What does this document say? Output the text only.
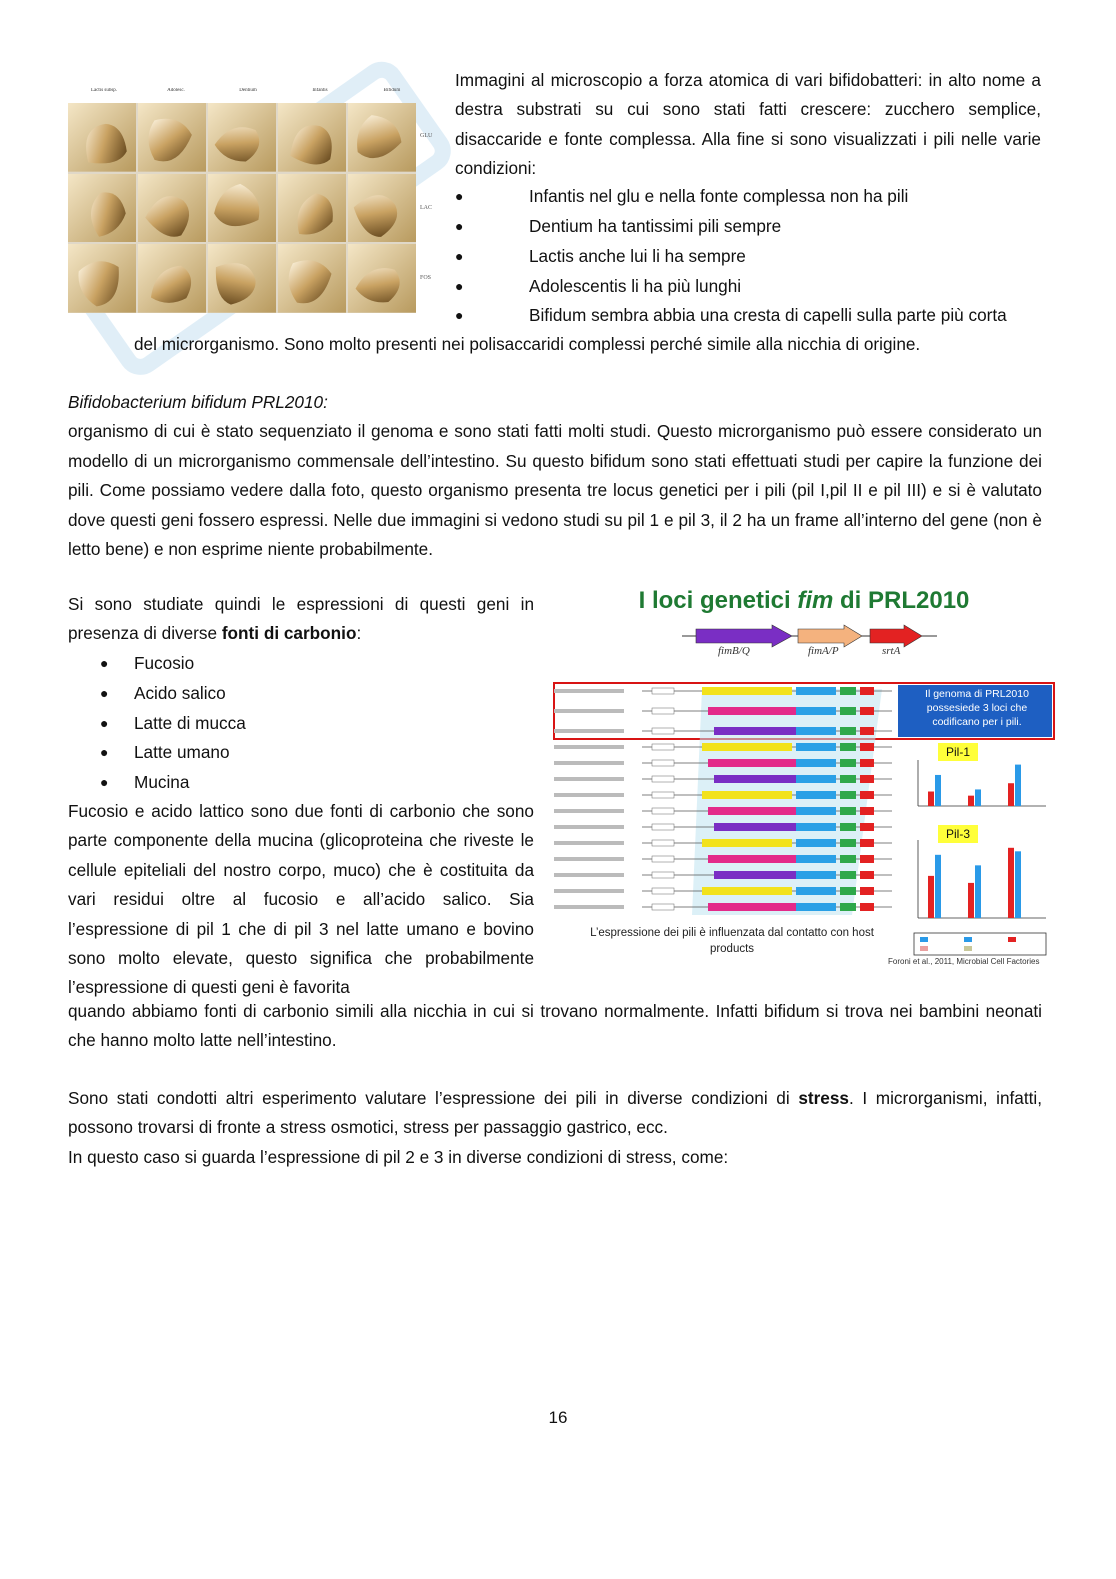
Lactis subsp.	Adolesc.	Dentium	Infantis	Bifidum
GLU
LAC
FOS
Immagini al microscopio a forza atomica di vari bifidobatteri: in alto nome a destra substrati su cui sono stati fatti crescere: zucchero semplice, disaccaride e fonte complessa. Alla fine si sono visualizzati i pili nelle varie condizioni:
●	Infantis nel glu e nella fonte complessa non ha pili
●	Dentium ha tantissimi pili sempre
●	Lactis anche lui li ha sempre
●	Adolescentis li ha più lunghi
●	Bifidum sembra abbia una cresta di capelli sulla parte più corta
del microrganismo. Sono molto presenti nei polisaccaridi complessi perché simile alla nicchia di origine.
Bifidobacterium bifidum PRL2010:
organismo di cui è stato sequenziato il genoma e sono stati fatti molti studi. Questo microrganismo può essere considerato un modello di un microrganismo commensale dell’intestino. Su questo bifidum sono stati effettuati studi per capire la funzione dei pili. Come possiamo vedere dalla foto, questo organismo presenta tre locus genetici per i pili (pil I,pil II e pil III) e si è valutato dove questi geni fossero espressi. Nelle due immagini si vedono studi su pil 1 e pil 3, il 2 ha un frame all’interno del gene (non è letto bene) e non esprime niente probabilmente.
Si sono studiate quindi le espressioni di questi geni in presenza di diverse fonti di carbonio:
●	Fucosio
●	Acido salico
●	Latte di mucca
●	Latte umano
●	Mucina
Fucosio e acido lattico sono due fonti di carbonio che sono parte componente della mucina (glicoproteina che riveste le cellule epiteliali del nostro corpo, muco) che è costituita da vari residui oltre al fucosio e all’acido salico. Sia l’espressione di pil 1 che di pil 3 nel latte umano e bovino sono molto elevate, questo significa che probabilmente l’espressione di questi geni è favorita
quando abbiamo fonti di carbonio simili alla nicchia in cui si trovano normalmente. Infatti bifidum si trova nei bambini neonati che hanno molto latte nell’intestino.
I loci genetici fim di PRL2010
fimB/Q	fimA/P	srtA
Il genoma di PRL2010 possesiede 3 loci che codificano per i pili.
Pil-1
Pil-3
L’espressione dei pili è influenzata dal contatto con host products
Foroni et al., 2011, Microbial Cell Factories
Sono stati condotti altri esperimento valutare l’espressione dei pili in diverse condizioni di stress. I microrganismi, infatti, possono trovarsi di fronte a stress osmotici, stress per passaggio gastrico, ecc.
In questo caso si guarda l’espressione di pil 2 e 3 in diverse condizioni di stress, come:
16
